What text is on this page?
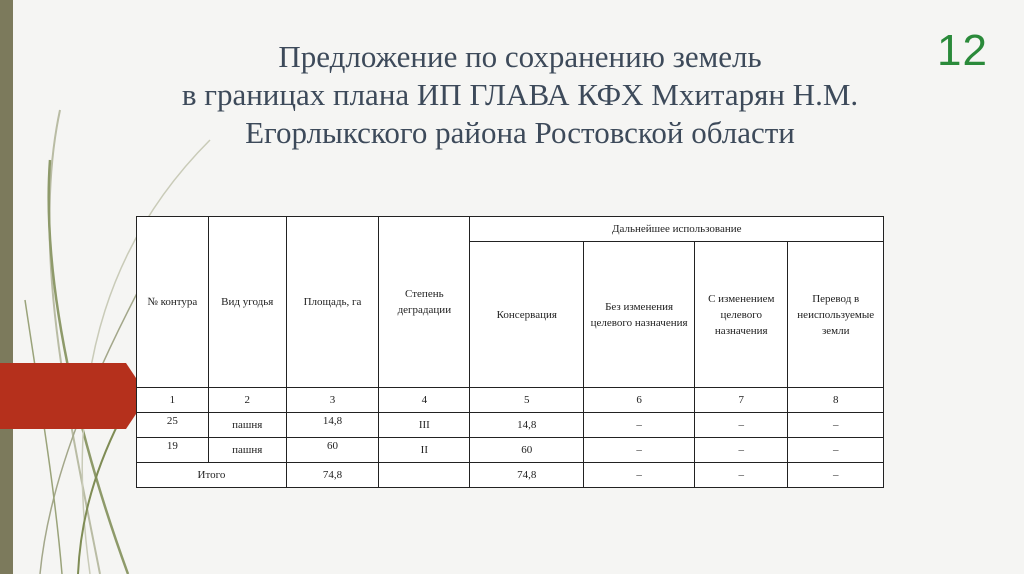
12
Предложение по сохранению земель
в границах плана ИП ГЛАВА КФХ Мхитарян Н.М.
Егорлыкского района Ростовской области
№ контура	Вид угодья	Площадь, га	Степень деградации	Дальнейшее использование			
				Консервация	Без изменения целевого назначения	С изменением целевого назначения	Перевод в неиспользуемые земли
1	2	3	4	5	6	7	8
25	пашня	14,8	III	14,8	–	–	–
19	пашня	60	II	60	–	–	–
Итого		74,8		74,8	–	–	–
